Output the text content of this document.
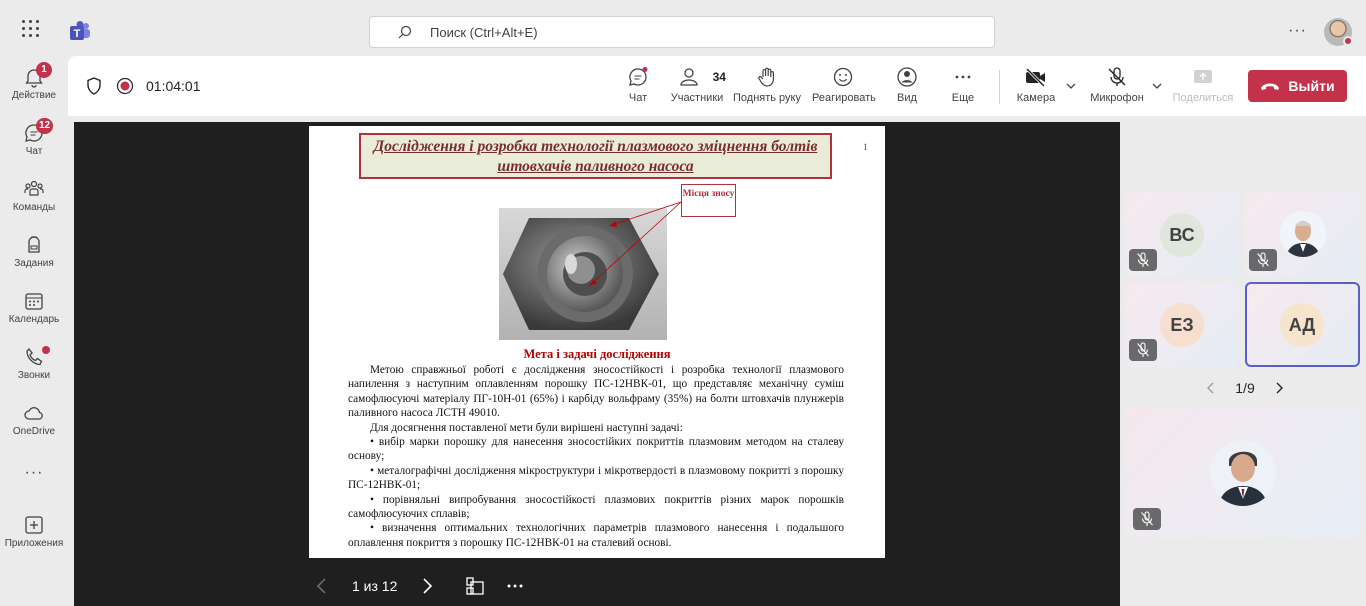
T	Поиск (Ctrl+Alt+E)	···
Действие
1
Чат
12
Команды
Задания
Календарь
Звонки
OneDrive
···
Приложения
01:04:01
Чат
34
Участники Поднять руку Реагировать Вид	Еще	Камера	Микрофон	Поделиться
Выйти
Дослідження і розробка технології плазмового зміцнення болтів штовхачів паливного насоса
1
Місця зносу
Мета і задачі дослідження

Метою справжньої роботі є дослідження зносостійкості і розробка технології плазмового напилення з наступним оплавленням порошку ПС-12НВК-01, що представляє механічну суміш самофлюсуючі матеріалу ПГ-10Н-01 (65%) і карбіду вольфраму (35%) на болти штовхачів плунжерів паливного насоса ЛСТН 49010.

Для досягнення поставленої мети були вирішені наступні задачі:

• вибір марки порошку для нанесення зносостійких покриттів плазмовим методом на сталеву основу;

• металографічні дослідження мікроструктури і мікротвердості в плазмовому покритті з порошку ПС-12НВК-01;

• порівняльні випробування зносостійкості плазмових покриттів різних марок порошків самофлюсуючих сплавів;

• визначення оптимальних технологічних параметрів плазмового нанесення і подальшого оплавлення покриття з порошку ПС-12НВК-01 на сталевий основі.

1 из 12
ВС
ЕЗ	АД
1/9
